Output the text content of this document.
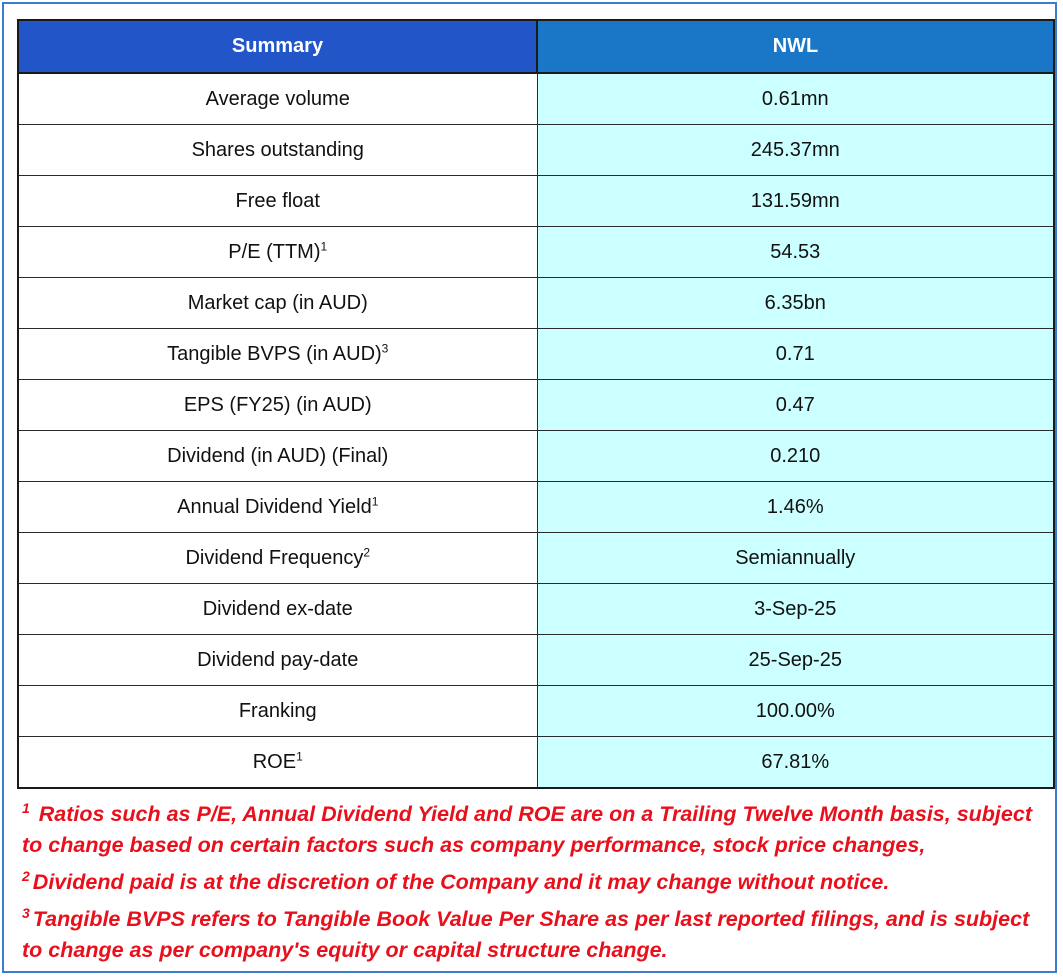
Summary	NWL
Average volume	0.61mn
Shares outstanding	245.37mn
Free float	131.59mn
P/E (TTM)$^1$	54.53
Market cap (in AUD)	6.35bn
Tangible BVPS (in AUD)$^3$	0.71
EPS (FY25) (in AUD)	0.47
Dividend (in AUD) (Final)	0.210
Annual Dividend Yield$^1$	1.46%
Dividend Frequency$^2$	Semiannually
Dividend ex-date	3-Sep-25
Dividend pay-date	25-Sep-25
Franking	100.00%
ROE$^1$	67.81%
$^1$ Ratios such as P/E, Annual Dividend Yield and ROE are on a Trailing Twelve Month basis, subject to change based on certain factors such as company performance, stock price changes,
$^2$ Dividend paid is at the discretion of the Company and it may change without notice.
$^3$ Tangible BVPS refers to Tangible Book Value Per Share as per last reported filings, and is subject to change as per company's equity or capital structure change.
